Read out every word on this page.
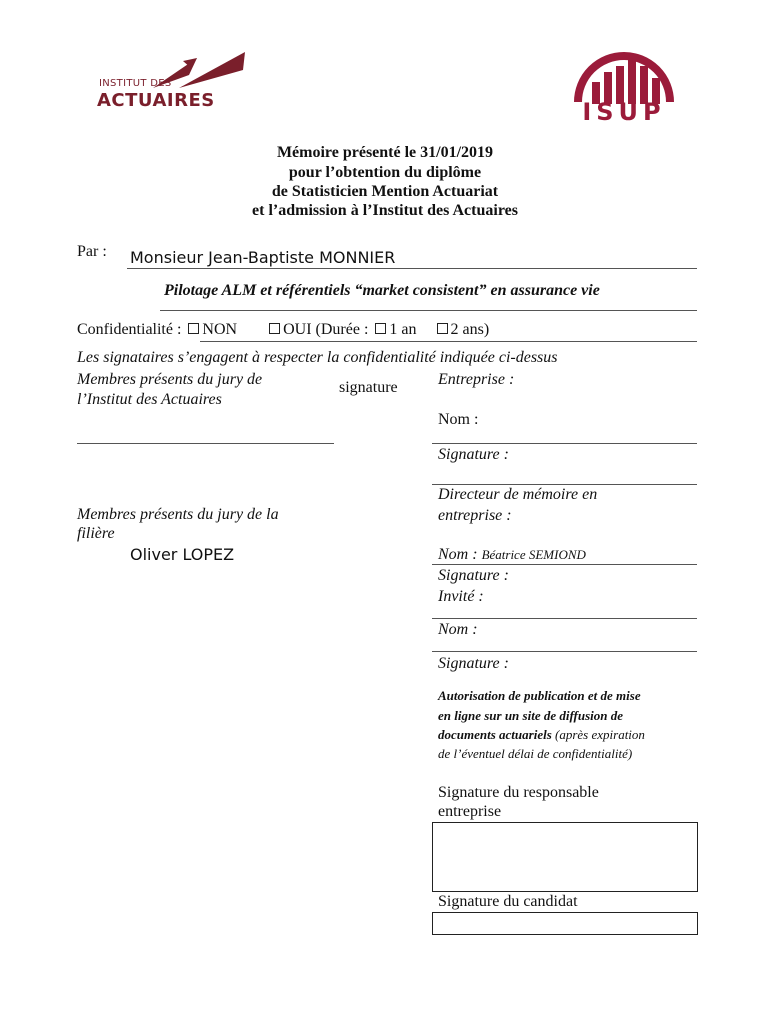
INSTITUT DES
ACTUAIRES	ISUP
Mémoire présenté le 31/01/2019
pour l’obtention du diplôme
de Statisticien Mention Actuariat
et l’admission à l’Institut des Actuaires
Par : Monsieur Jean-Baptiste MONNIER
Pilotage ALM et référentiels “market consistent” en assurance vie
Confidentialité : NON	OUI (Durée : 1 an 2 ans)
Les signataires s’engagent à respecter la confidentialité indiquée ci-dessus
Membres présents du jury de
l’Institut des Actuaires
signature
Membres présents du jury de la
filière
Oliver LOPEZ
Entreprise :
Nom :
Signature :
Directeur de mémoire en
entreprise :
Nom : Béatrice SEMIOND
Signature :
Invité :
Nom :
Signature :
Autorisation de publication et de mise
en ligne sur un site de diffusion de
documents actuariels (après expiration
de l’éventuel délai de confidentialité)
Signature du responsable
entreprise
Signature du candidat
